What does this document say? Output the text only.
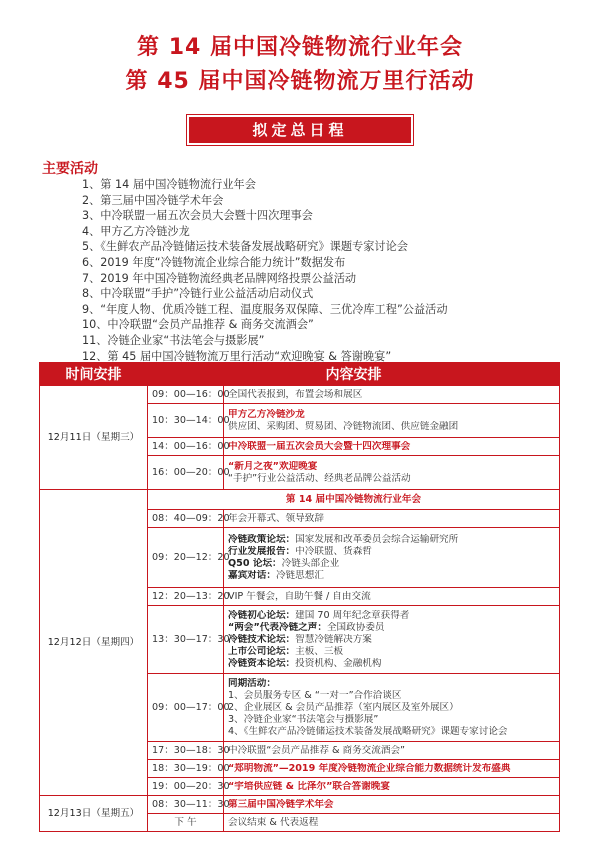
第 14 届中国冷链物流行业年会
第 45 届中国冷链物流万里行活动
拟定总日程
主要活动
1、第 14 届中国冷链物流行业年会
2、第三届中国冷链学术年会
3、中冷联盟一届五次会员大会暨十四次理事会
4、甲方乙方冷链沙龙
5、《生鲜农产品冷链储运技术装备发展战略研究》课题专家讨论会
6、2019 年度“冷链物流企业综合能力统计”数据发布
7、2019 年中国冷链物流经典老品牌网络投票公益活动
8、中冷联盟“手护”冷链行业公益活动启动仪式
9、“年度人物、优质冷链工程、温度服务双保障、三优冷库工程”公益活动
10、中冷联盟“会员产品推荐 & 商务交流酒会”
11、冷链企业家“书法笔会与摄影展”
12、第 45 届中国冷链物流万里行活动“欢迎晚宴 & 答谢晚宴”
时间安排	内容安排	
12月11日（星期三）	09：00—16：00	全国代表报到，布置会场和展区

	10：30—14：00	甲方乙方冷链沙龙
供应团、采购团、贸易团、冷链物流团、供应链金融团

	14：00—16：00	中冷联盟一届五次会员大会暨十四次理事会

	16：00—20：00	“新月之夜”欢迎晚宴
“手护”行业公益活动、经典老品牌公益活动

12月12日（星期四）	第 14 届中国冷链物流行业年会	
	08：40—09：20	年会开幕式、领导致辞

	09：20—12：20	冷链政策论坛：国家发展和改革委员会综合运输研究所
行业发展报告：中冷联盟、货森哲
Q50 论坛：冷链头部企业
嘉宾对话：冷链思想汇

	12：20—13：20	VIP 午餐会，自助午餐 / 自由交流

	13：30—17：30	冷链初心论坛：建国 70 周年纪念章获得者
“两会”代表冷链之声：全国政协委员
冷链技术论坛：智慧冷链解决方案
上市公司论坛：主板、三板
冷链资本论坛：投资机构、金融机构

	09：00—17：00	同期活动：
1、会员服务专区 & “一对一”合作洽谈区
2、企业展区 & 会员产品推荐（室内展区及室外展区）
3、冷链企业家“书法笔会与摄影展”
4、《生鲜农产品冷链储运技术装备发展战略研究》课题专家讨论会

	17：30—18：30	中冷联盟“会员产品推荐 & 商务交流酒会”

	18：30—19：00	“郑明物流”—2019 年度冷链物流企业综合能力数据统计发布盛典

	19：00—20：30	“宇培供应链 & 比泽尔”联合答谢晚宴

12月13日（星期五）	08：30—11：30	第三届中国冷链学术年会

	下 午	会议结束 & 代表返程
